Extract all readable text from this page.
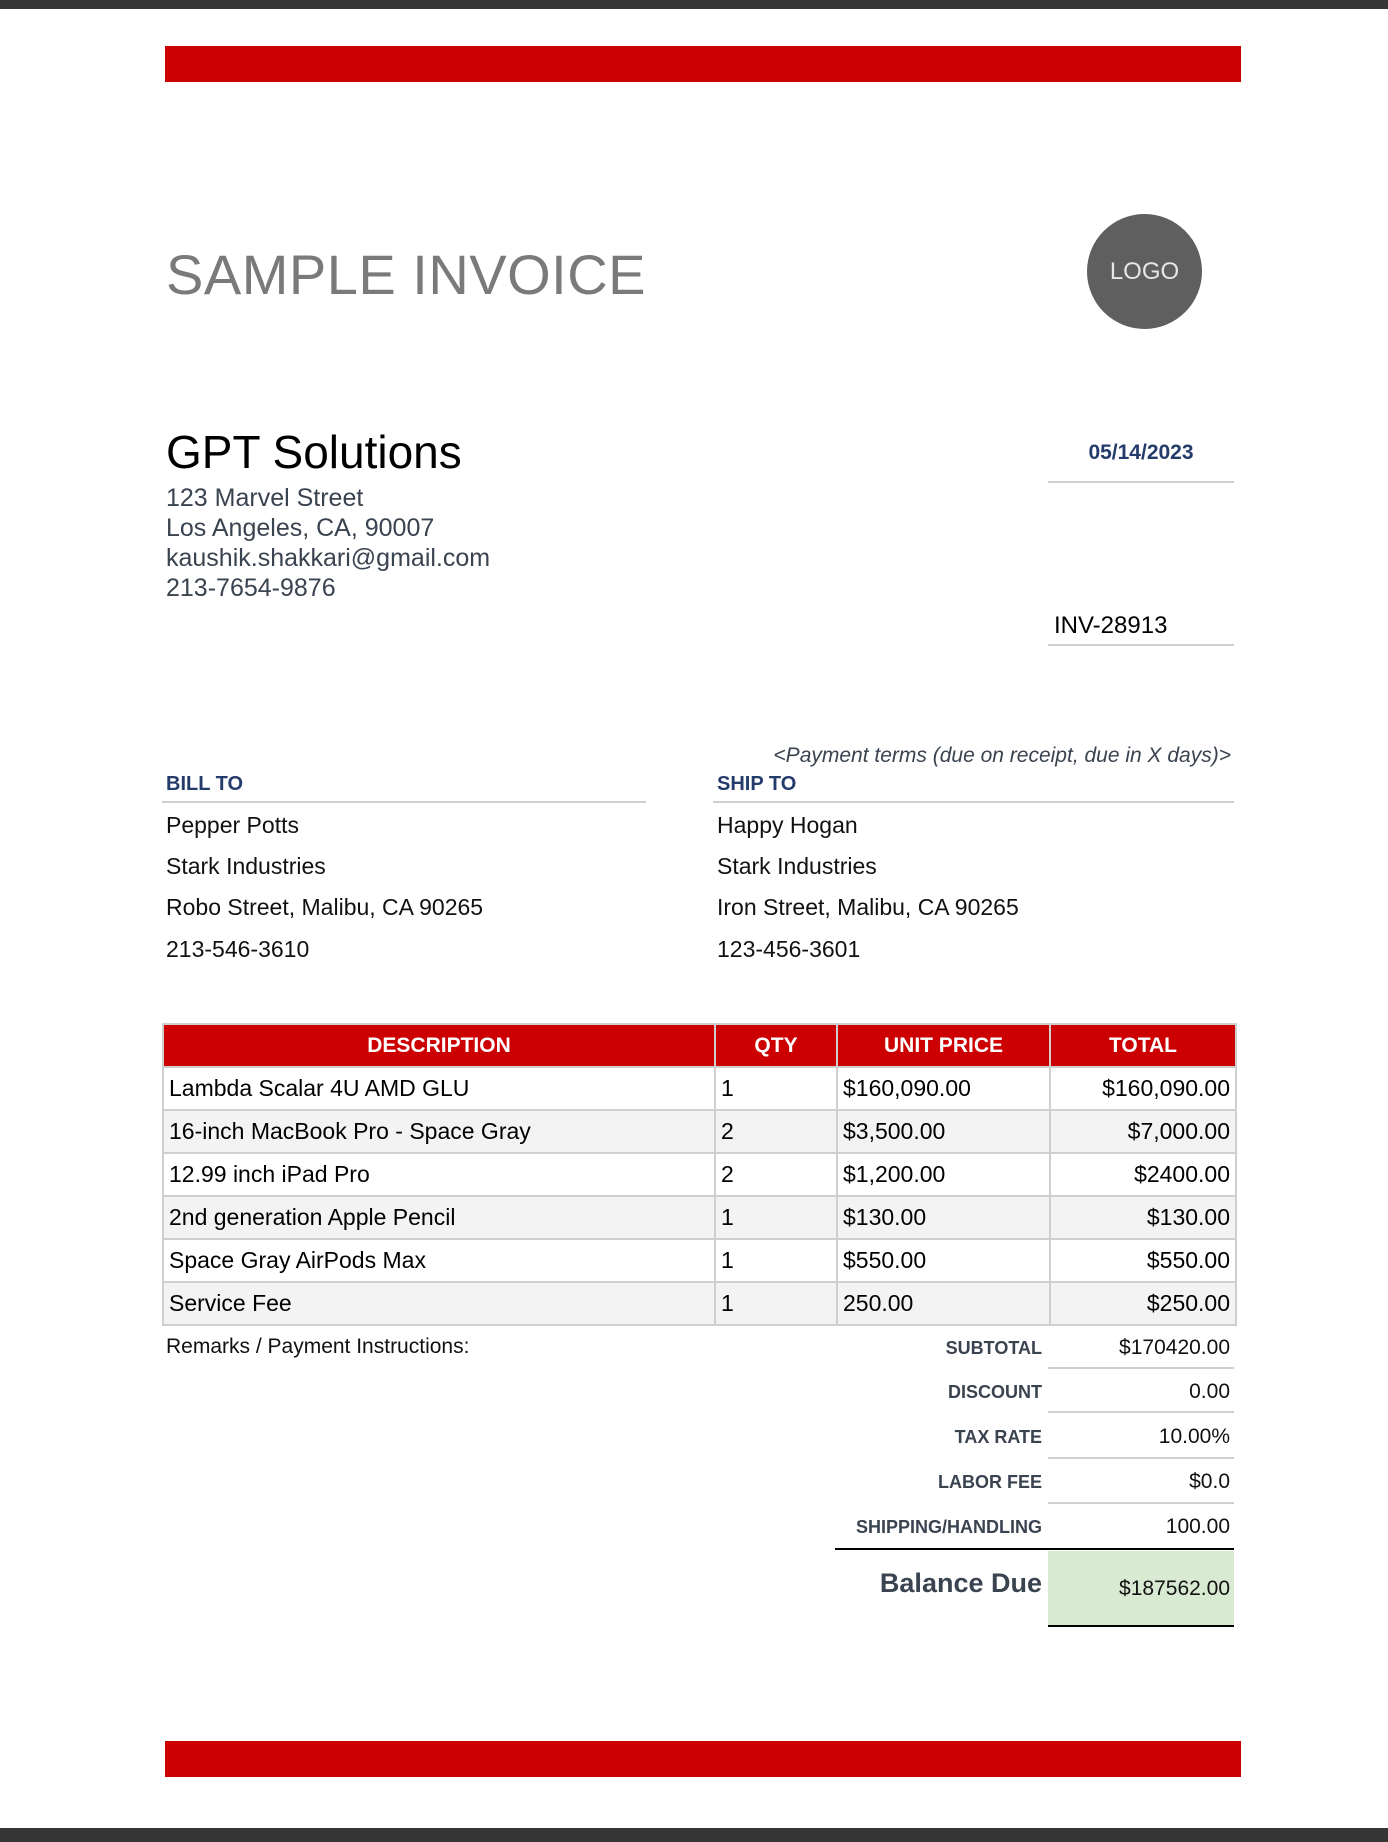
SAMPLE INVOICE	LOGO
GPT Solutions
123 Marvel Street
Los Angeles, CA, 90007
kaushik.shakkari@gmail.com
213-7654-9876
05/14/2023
INV-28913
<Payment terms (due on receipt, due in X days)>
BILL TO
Pepper Potts
Stark Industries
Robo Street, Malibu, CA 90265
213-546-3610
SHIP TO
Happy Hogan
Stark Industries
Iron Street, Malibu, CA 90265
123-456-3601
DESCRIPTION	QTY	UNIT PRICE	TOTAL
Lambda Scalar 4U AMD GLU	1	$160,090.00	$160,090.00
16-inch MacBook Pro - Space Gray	2	$3,500.00	$7,000.00
12.99 inch iPad Pro	2	$1,200.00	$2400.00
2nd generation Apple Pencil	1	$130.00	$130.00
Space Gray AirPods Max	1	$550.00	$550.00
Service Fee	1	250.00	$250.00
Remarks / Payment Instructions:	SUBTOTAL	$170420.00
DISCOUNT	0.00
TAX RATE	10.00%
LABOR FEE	$0.0
SHIPPING/HANDLING	100.00
Balance Due	$187562.00
